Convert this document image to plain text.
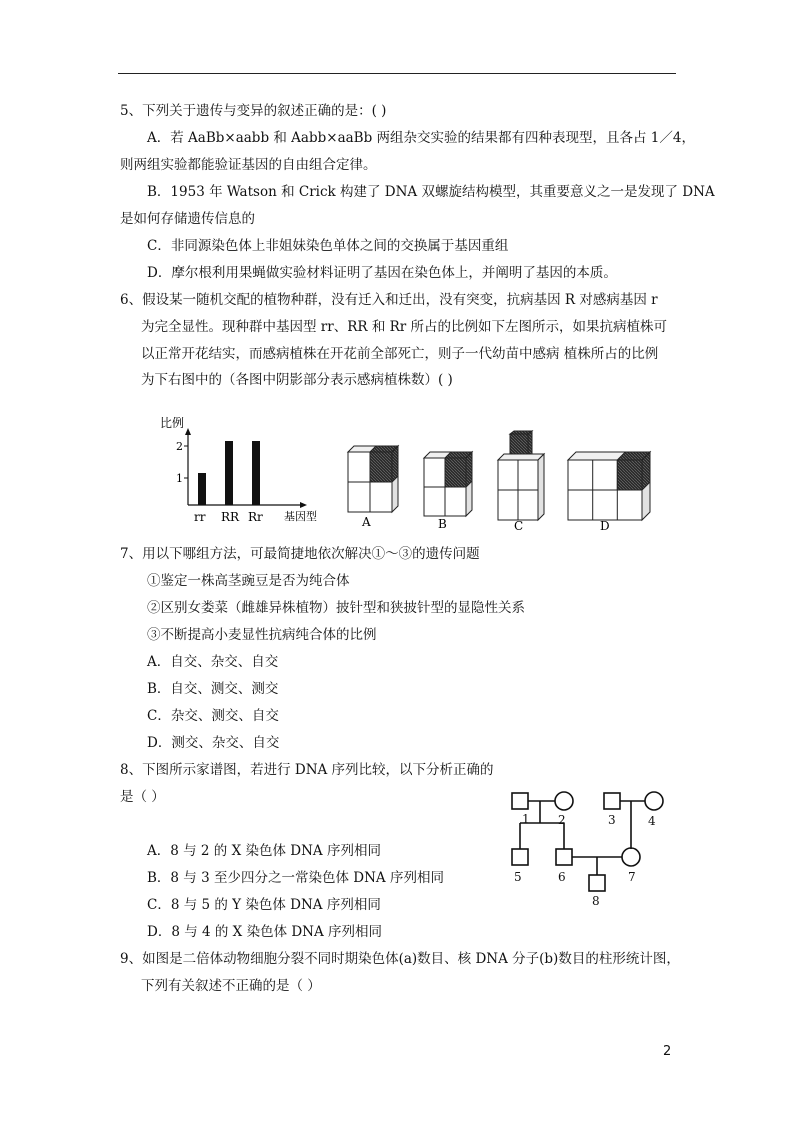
5、下列关于遗传与变异的叙述正确的是：( )
A．若 AaBb×aabb 和 Aabb×aaBb 两组杂交实验的结果都有四种表现型，且各占 1／4，
则两组实验都能验证基因的自由组合定律。
B．1953 年 Watson 和 Crick 构建了 DNA 双螺旋结构模型，其重要意义之一是发现了 DNA
是如何存储遗传信息的
C．非同源染色体上非姐妹染色单体之间的交换属于基因重组
D．摩尔根利用果蝇做实验材料证明了基因在染色体上，并阐明了基因的本质。
6、假设某一随机交配的植物种群，没有迁入和迁出，没有突变，抗病基因 R 对感病基因 r
为完全显性。现种群中基因型 rr、RR 和 Rr 所占的比例如下左图所示，如果抗病植株可
以正常开花结实，而感病植株在开花前全部死亡，则子一代幼苗中感病 植株所占的比例
为下右图中的（各图中阴影部分表示感病植株数）( )
比例
1
2
rr RR Rr 基因型	A	B	C	D
7、用以下哪组方法，可最简捷地依次解决①～③的遗传问题
①鉴定一株高茎豌豆是否为纯合体
②区别女娄菜（雌雄异株植物）披针型和狭披针型的显隐性关系
③不断提高小麦显性抗病纯合体的比例
A．自交、杂交、自交
B．自交、测交、测交
C．杂交、测交、自交
D．测交、杂交、自交
8、下图所示家谱图，若进行 DNA 序列比较，以下分析正确的
是（ ）
A．8 与 2 的 X 染色体 DNA 序列相同
B．8 与 3 至少四分之一常染色体 DNA 序列相同
C．8 与 5 的 Y 染色体 DNA 序列相同
D．8 与 4 的 X 染色体 DNA 序列相同
1 2	3	4
5	6	7
8
9、如图是二倍体动物细胞分裂不同时期染色体(a)数目、核 DNA 分子(b)数目的柱形统计图，
下列有关叙述不正确的是（ ）
2
